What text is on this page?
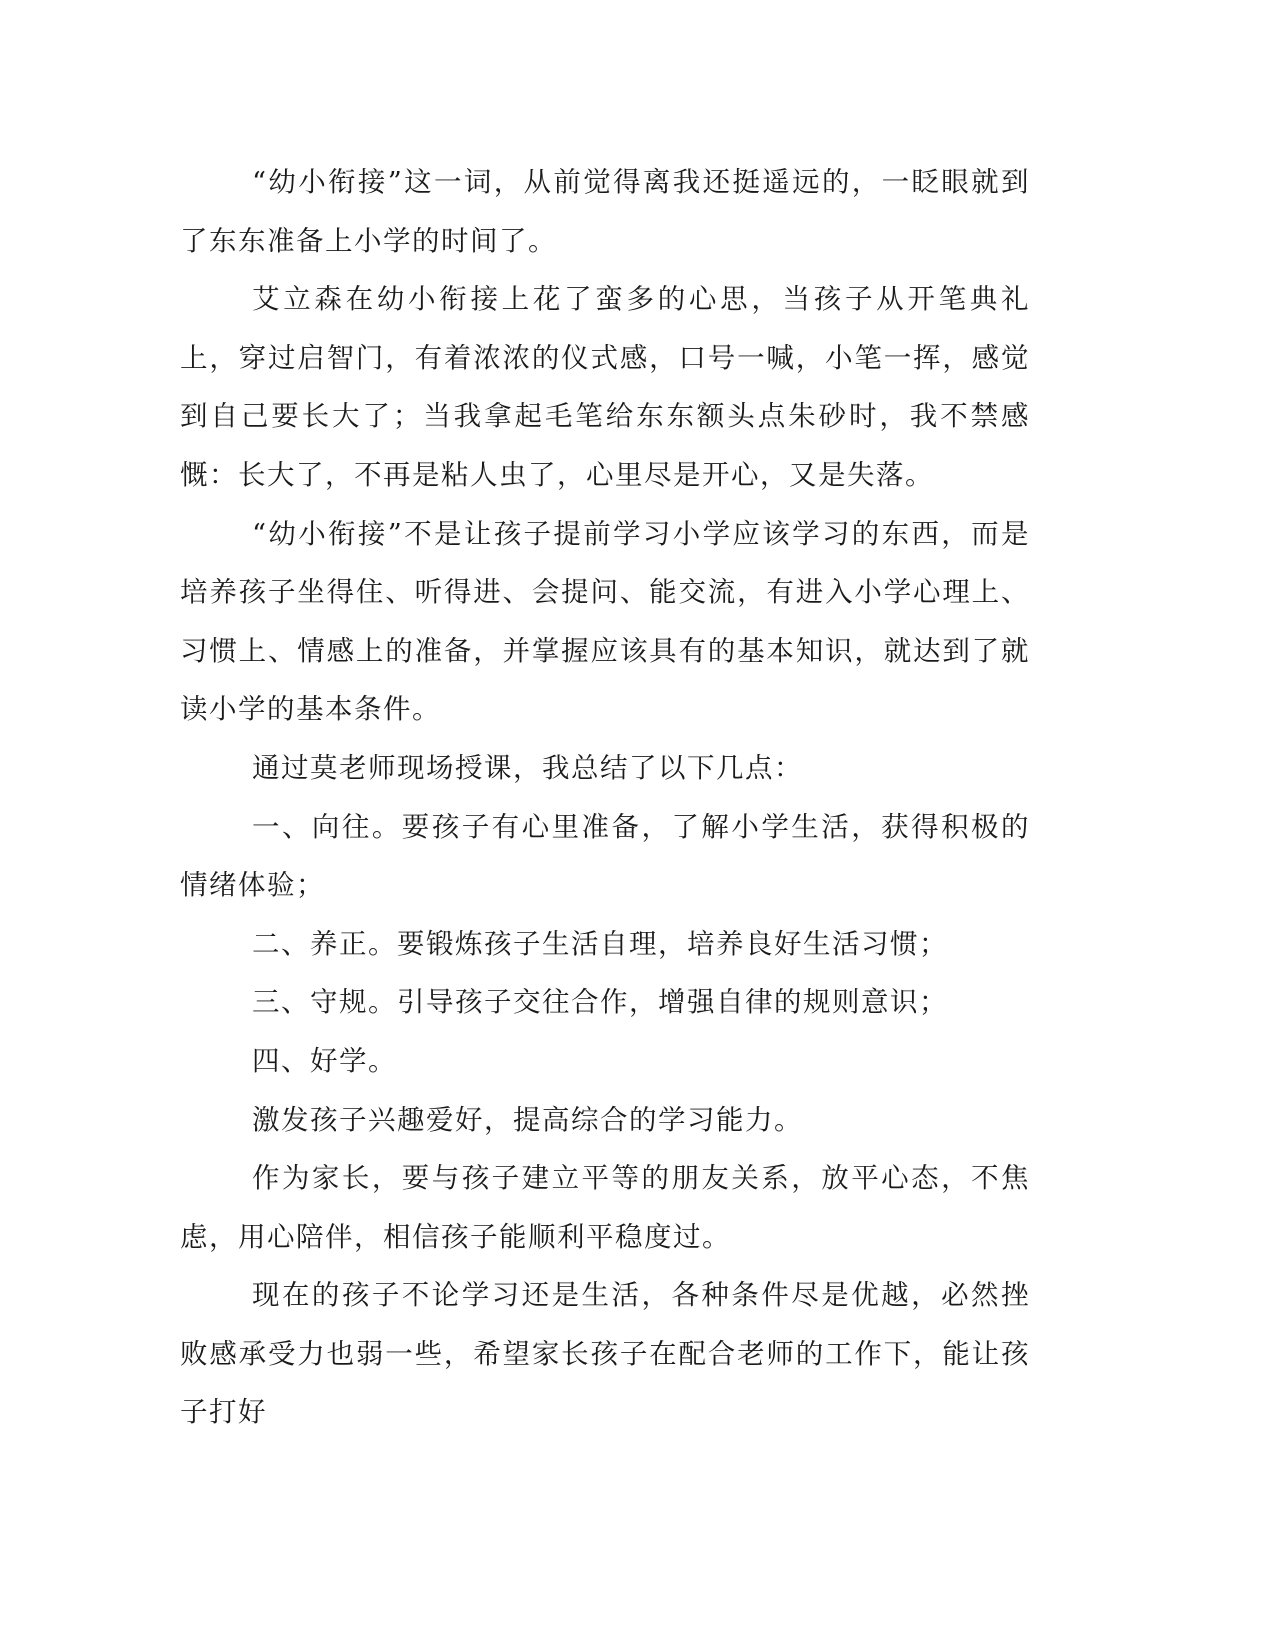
“幼小衔接”这一词，从前觉得离我还挺遥远的，一眨眼就到了东东准备上小学的时间了。

艾立森在幼小衔接上花了蛮多的心思，当孩子从开笔典礼上，穿过启智门，有着浓浓的仪式感，口号一喊，小笔一挥，感觉到自己要长大了；当我拿起毛笔给东东额头点朱砂时，我不禁感慨：长大了，不再是粘人虫了，心里尽是开心，又是失落。

“幼小衔接”不是让孩子提前学习小学应该学习的东西，而是培养孩子坐得住、听得进、会提问、能交流，有进入小学心理上、习惯上、情感上的准备，并掌握应该具有的基本知识，就达到了就读小学的基本条件。

通过莫老师现场授课，我总结了以下几点：

一、向往。要孩子有心里准备，了解小学生活，获得积极的情绪体验；

二、养正。要锻炼孩子生活自理，培养良好生活习惯；

三、守规。引导孩子交往合作，增强自律的规则意识；

四、好学。

激发孩子兴趣爱好，提高综合的学习能力。

作为家长，要与孩子建立平等的朋友关系，放平心态，不焦虑，用心陪伴，相信孩子能顺利平稳度过。

现在的孩子不论学习还是生活，各种条件尽是优越，必然挫败感承受力也弱一些，希望家长孩子在配合老师的工作下，能让孩子打好
